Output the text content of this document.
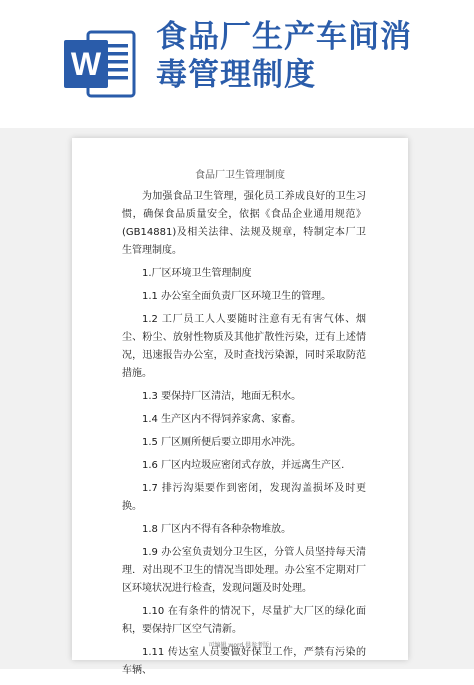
W
食品厂生产车间消
毒管理制度
食品厂卫生管理制度

为加强食品卫生管理，强化员工养成良好的卫生习惯，确保食品质量安全，依据《食品企业通用规范》(GB14881)及相关法律、法规及规章，特制定本厂卫生管理制度。

1.厂区环境卫生管理制度

1.1 办公室全面负责厂区环境卫生的管理。

1.2 工厂员工人人要随时注意有无有害气体、烟尘、粉尘、放射性物质及其他扩散性污染，迂有上述情况，迅速报告办公室，及时查找污染源，同时采取防范措施。

1.3 要保持厂区清洁，地面无积水。

1.4 生产区内不得饲养家禽、家畜。

1.5 厂区厕所便后要立即用水冲洗。

1.6 厂区内垃圾应密闭式存放，并远离生产区.

1.7 排污沟渠要作到密闭，发现沟盖损坏及时更换。

1.8 厂区内不得有各种杂物堆放。

1.9 办公室负责划分卫生区，分管人员坚持每天清理．对出现不卫生的情况当即处理。办公室不定期对厂区环境状况进行检查，发现问题及时处理。

1.10 在有条件的情况下，尽量扩大厂区的绿化面积，要保持厂区空气清新。

1.11 传达室人员要做好保卫工作，严禁有污染的车辆、

可编辑 word,供参考版!
